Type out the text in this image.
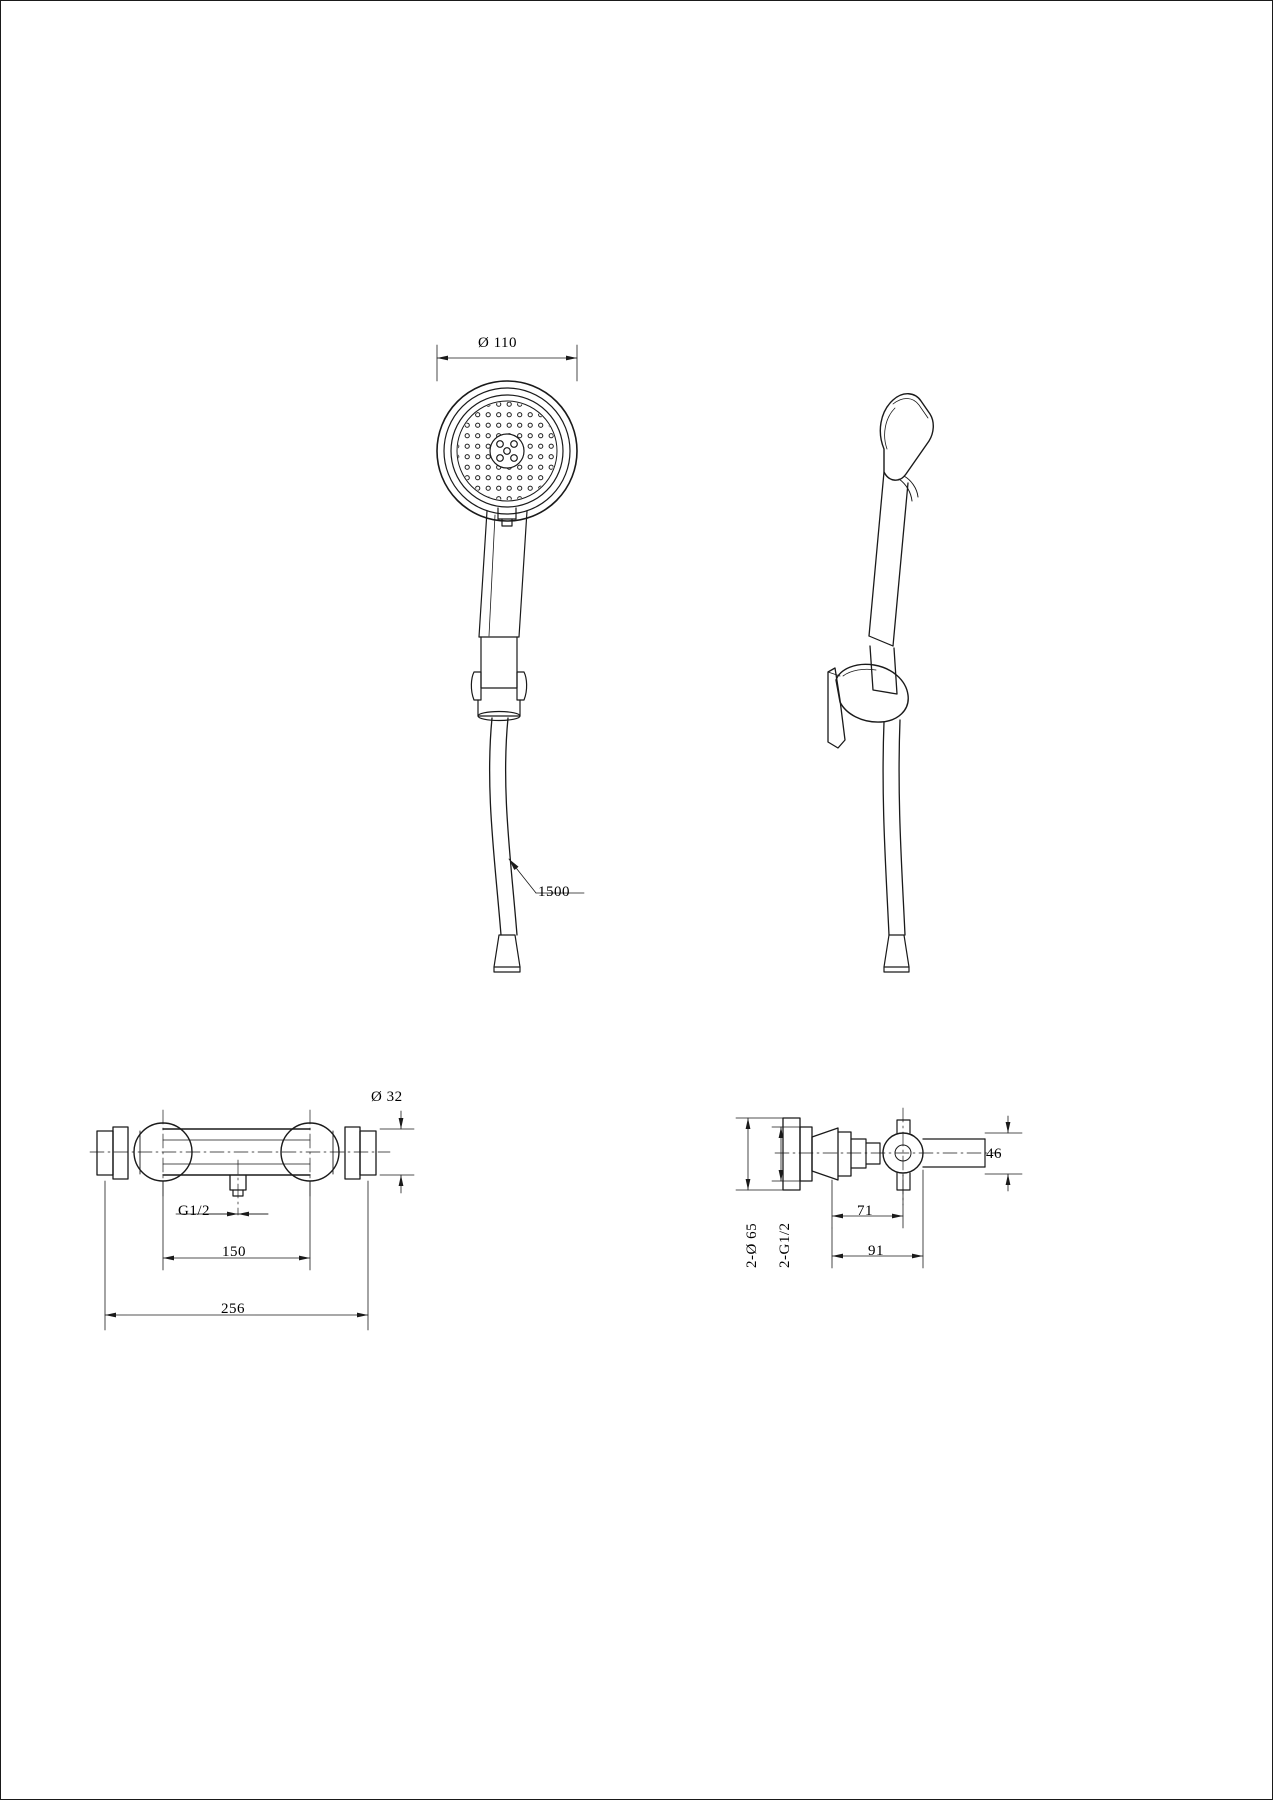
Ø 110
1500
Ø 32
G1/2
150
256
2-Ø 65 2-G1/2
71
91
46
